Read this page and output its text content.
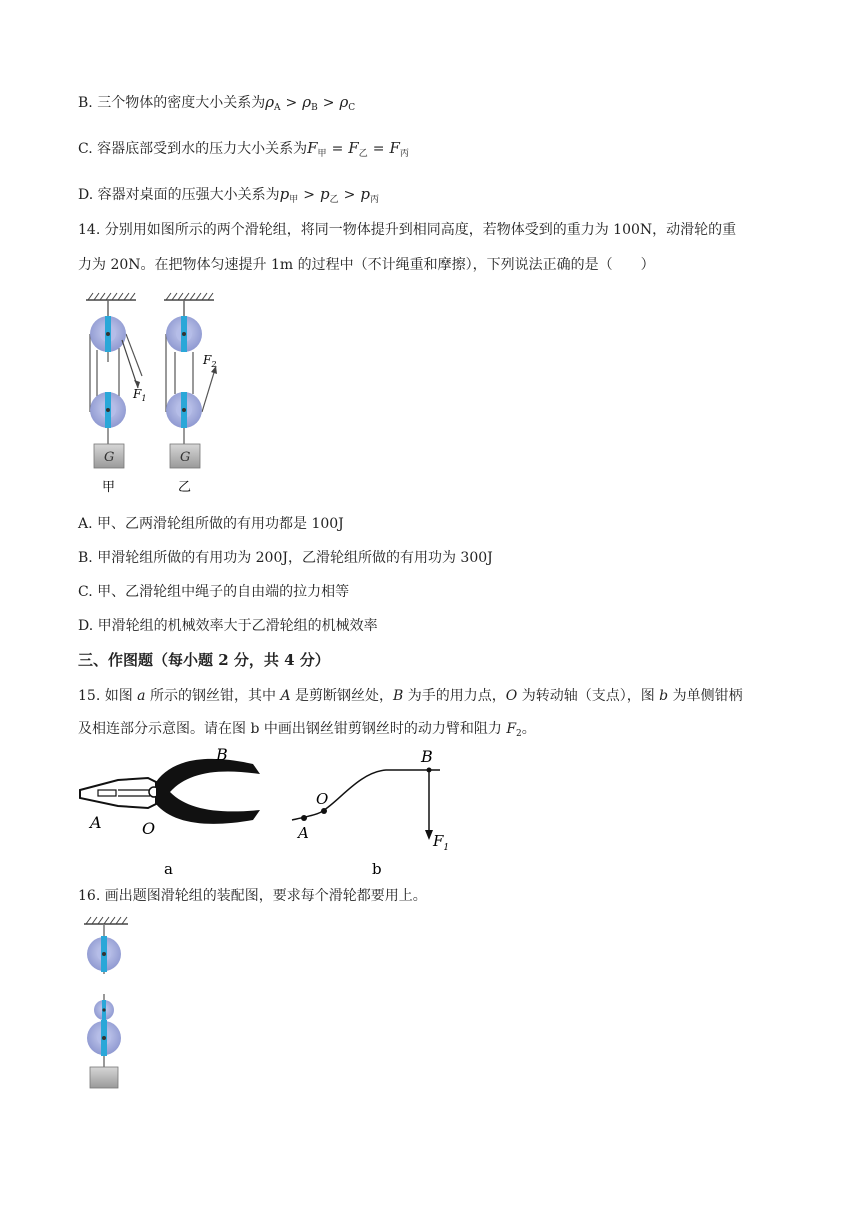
B. 三个物体的密度大小关系为$\rho_A > \rho_B > \rho_C$
C. 容器底部受到水的压力大小关系为$F_甲 = F_乙 = F_丙$
D. 容器对桌面的压强大小关系为$p_甲 > p_乙 > p_丙$
14. 分别用如图所示的两个滑轮组，将同一物体提升到相同高度，若物体受到的重力为 100N，动滑轮的重
力为 20N。在把物体匀速提升 1m 的过程中（不计绳重和摩擦），下列说法正确的是（　　）
$F_1$
$F_2$
G	G
甲	乙
A. 甲、乙两滑轮组所做的有用功都是 100J
B. 甲滑轮组所做的有用功为 200J，乙滑轮组所做的有用功为 300J
C. 甲、乙滑轮组中绳子的自由端的拉力相等
D. 甲滑轮组的机械效率大于乙滑轮组的机械效率
三、作图题（每小题 2 分，共 4 分）
15. 如图 a 所示的钢丝钳，其中 A 是剪断钢丝处，B 为手的用力点，O 为转动轴（支点），图 b 为单侧钳柄
及相连部分示意图。请在图 b 中画出钢丝钳剪钢丝时的动力臂和阻力 $F_2$。
B
A	O
a
B
A
O
$F_1$
b
16. 画出题图滑轮组的装配图，要求每个滑轮都要用上。
